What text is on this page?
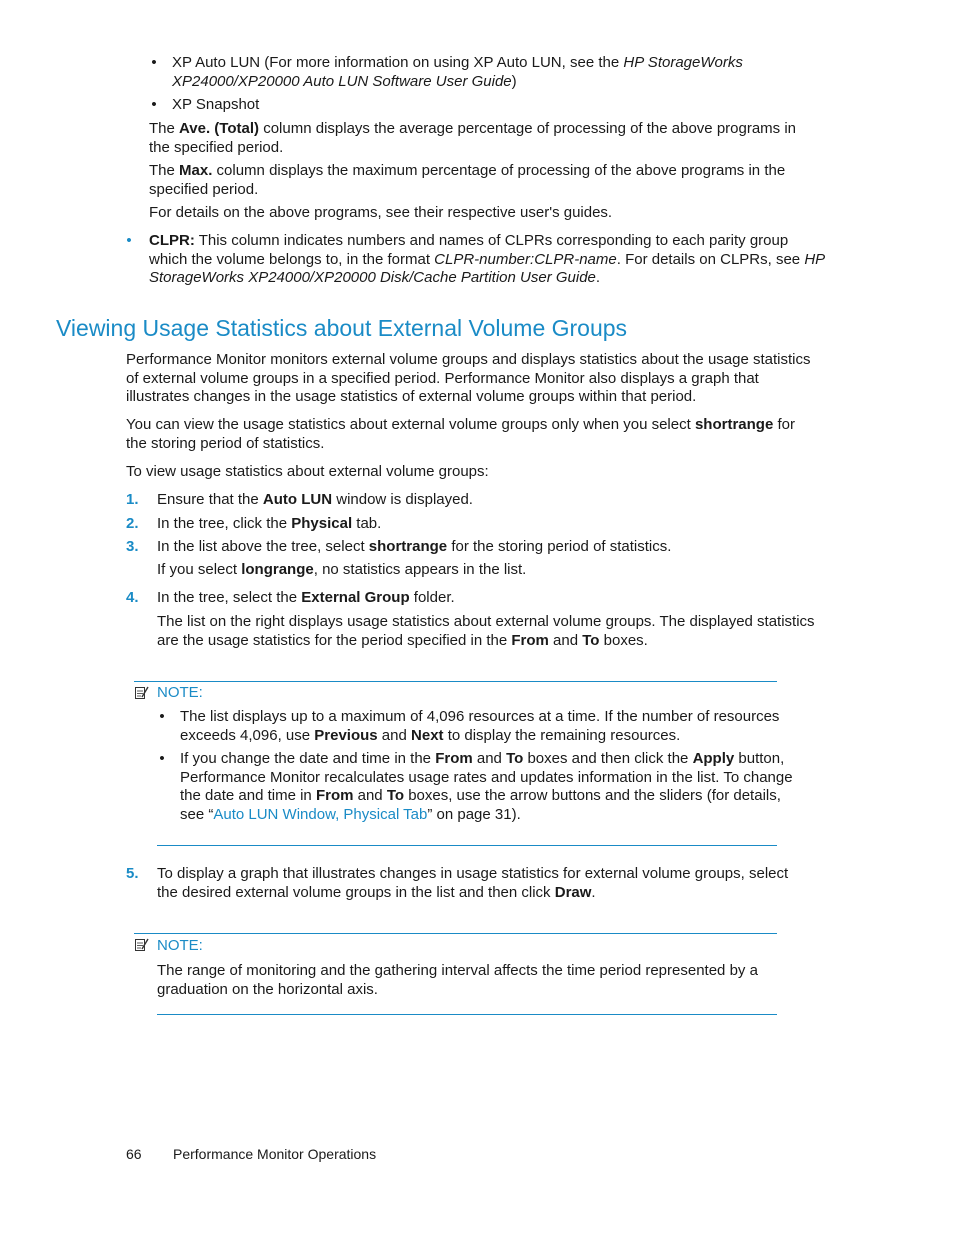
• XP Auto LUN (For more information on using XP Auto LUN, see the HP StorageWorks
XP24000/XP20000 Auto LUN Software User Guide)
• XP Snapshot
The Ave. (Total) column displays the average percentage of processing of the above programs in
the specified period.
The Max. column displays the maximum percentage of processing of the above programs in the
specified period.
For details on the above programs, see their respective user's guides.
• CLPR: This column indicates numbers and names of CLPRs corresponding to each parity group
which the volume belongs to, in the format CLPR-number:CLPR-name. For details on CLPRs, see HP
StorageWorks XP24000/XP20000 Disk/Cache Partition User Guide.
Viewing Usage Statistics about External Volume Groups
Performance Monitor monitors external volume groups and displays statistics about the usage statistics
of external volume groups in a specified period. Performance Monitor also displays a graph that
illustrates changes in the usage statistics of external volume groups within that period.
You can view the usage statistics about external volume groups only when you select shortrange for
the storing period of statistics.
To view usage statistics about external volume groups:
1. Ensure that the Auto LUN window is displayed.
2. In the tree, click the Physical tab.
3. In the list above the tree, select shortrange for the storing period of statistics.
If you select longrange, no statistics appears in the list.
4. In the tree, select the External Group folder.
The list on the right displays usage statistics about external volume groups. The displayed statistics
are the usage statistics for the period specified in the From and To boxes.
NOTE:
• The list displays up to a maximum of 4,096 resources at a time. If the number of resources
exceeds 4,096, use Previous and Next to display the remaining resources.
• If you change the date and time in the From and To boxes and then click the Apply button,
Performance Monitor recalculates usage rates and updates information in the list. To change
the date and time in From and To boxes, use the arrow buttons and the sliders (for details,
see “Auto LUN Window, Physical Tab” on page 31).
5. To display a graph that illustrates changes in usage statistics for external volume groups, select
the desired external volume groups in the list and then click Draw.
NOTE:
The range of monitoring and the gathering interval affects the time period represented by a
graduation on the horizontal axis.
66 Performance Monitor Operations
